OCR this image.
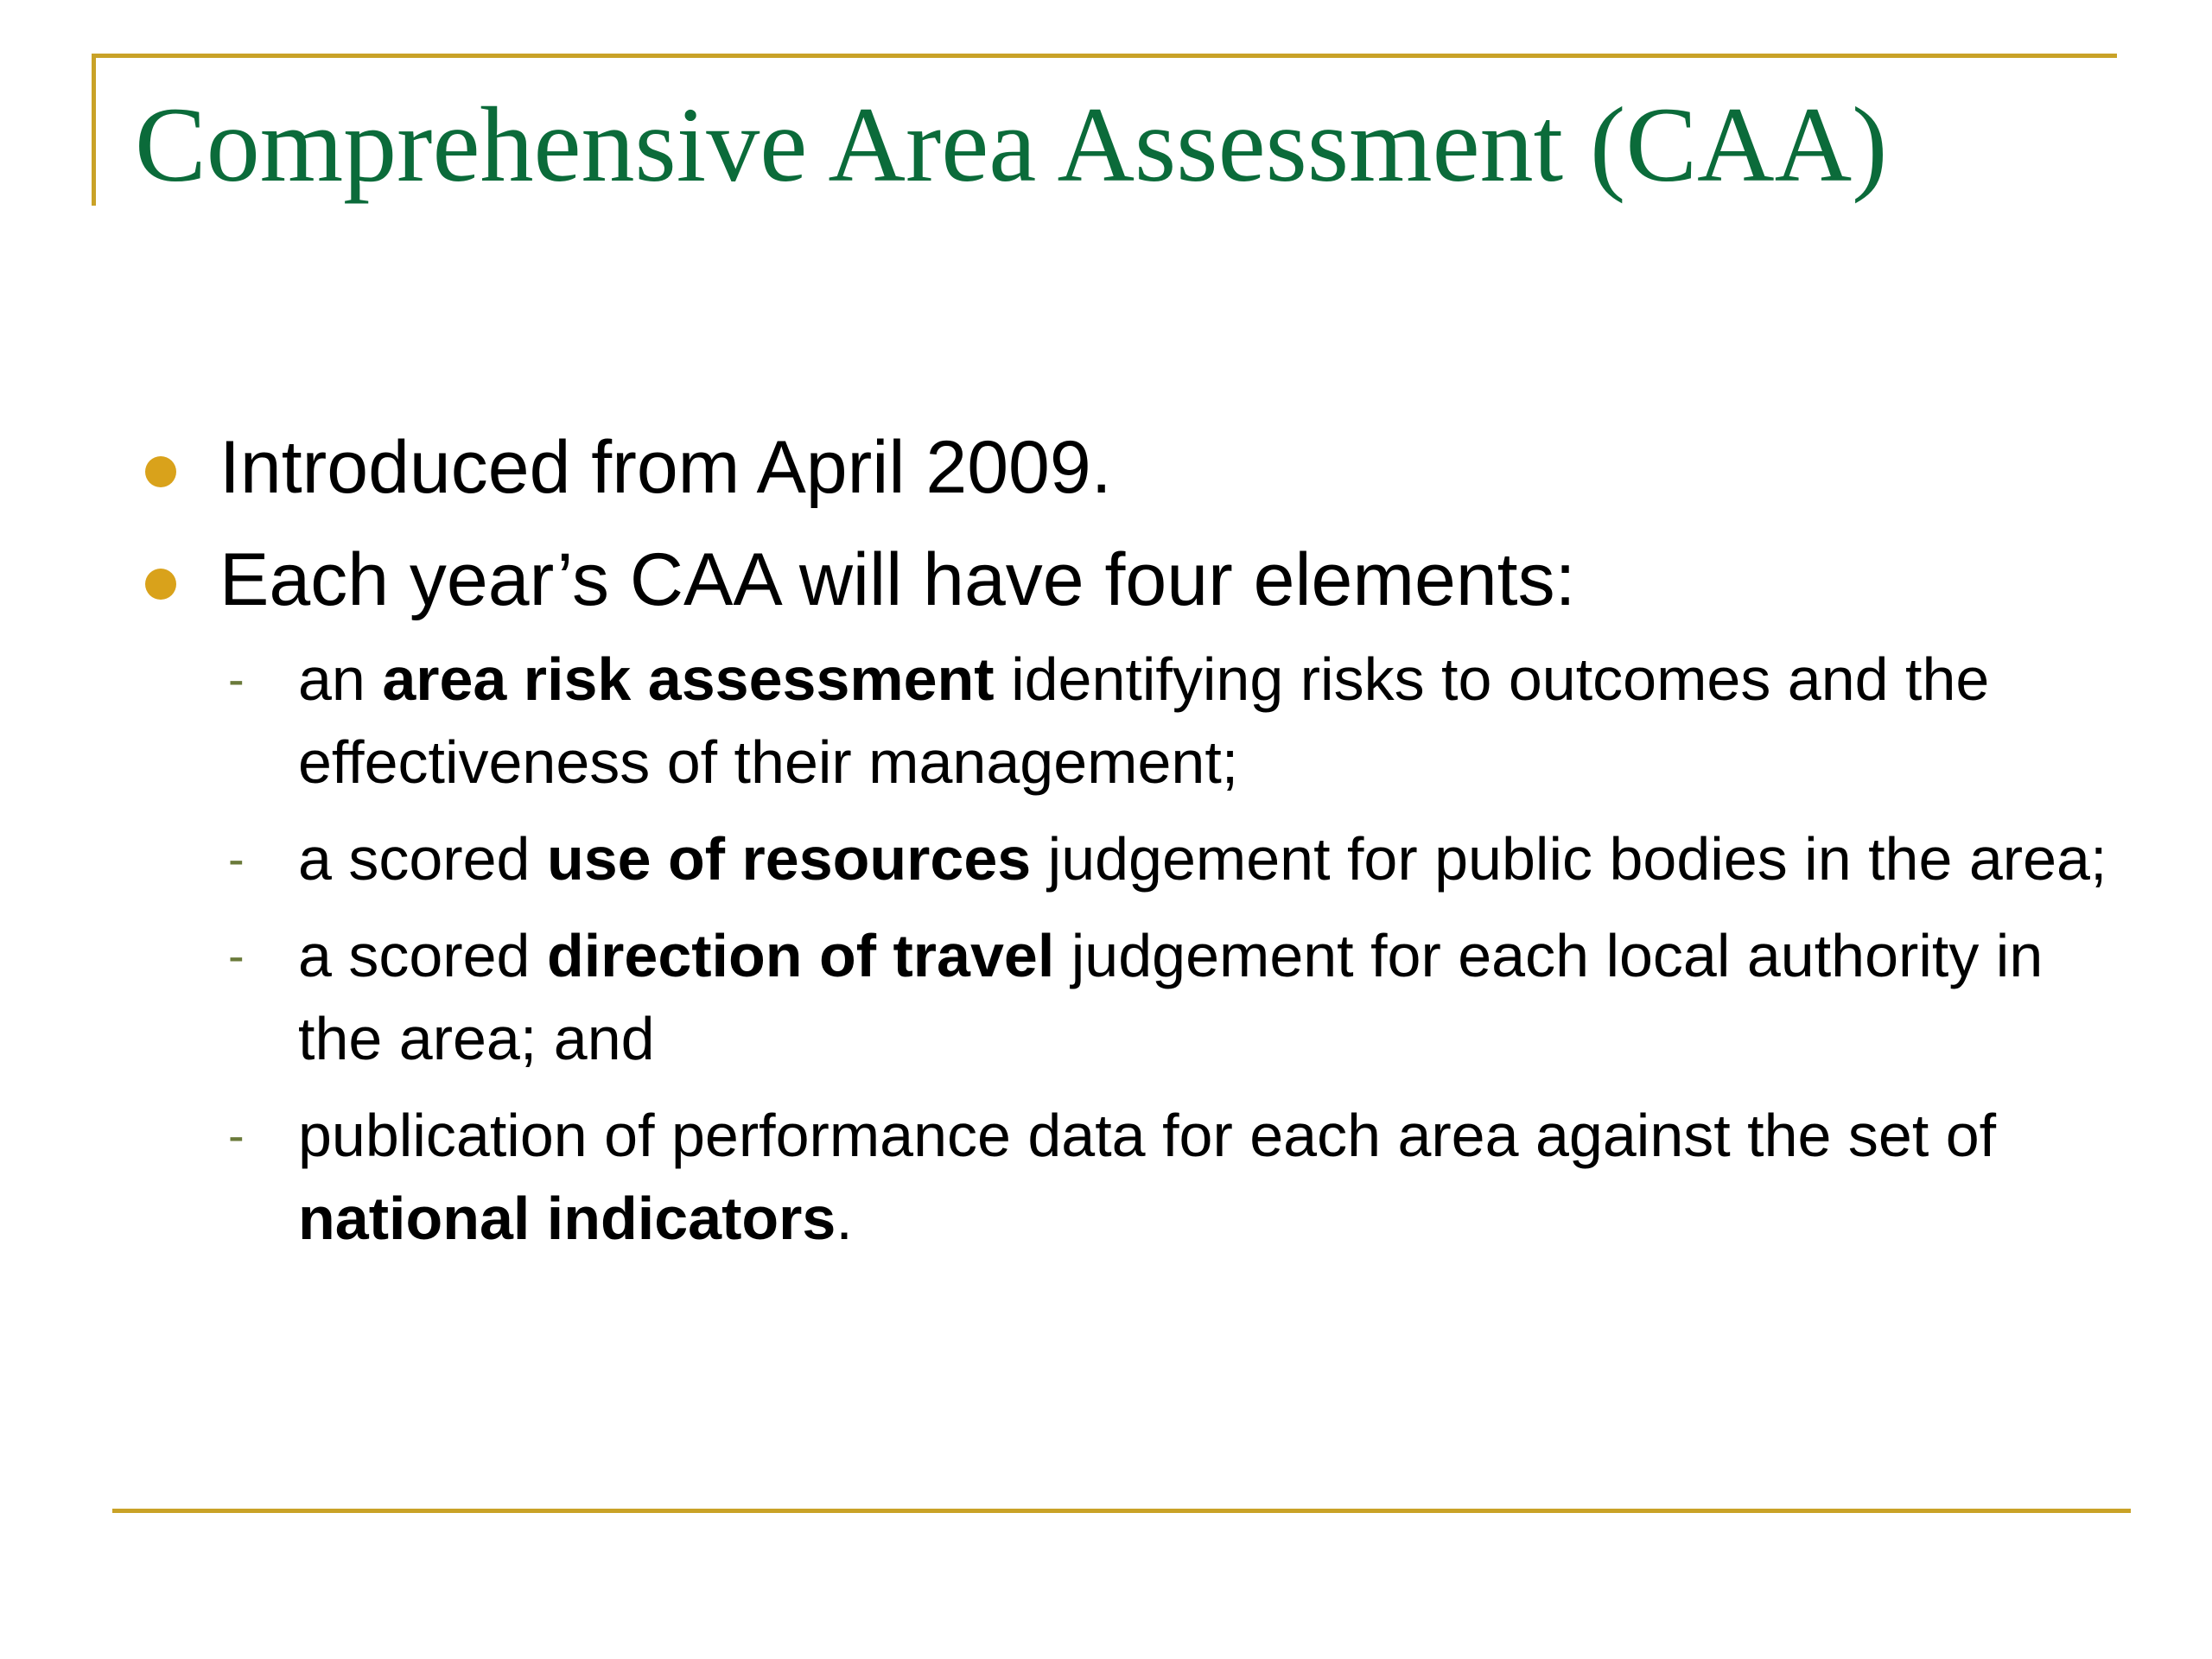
Comprehensive Area Assessment (CAA)
Introduced from April 2009.
Each year’s CAA will have four elements:
- an area risk assessment identifying risks to outcomes and the effectiveness of their management;
- a scored use of resources judgement for public bodies in the area;
- a scored direction of travel judgement for each local authority in the area; and
- publication of performance data for each area against the set of national indicators.
